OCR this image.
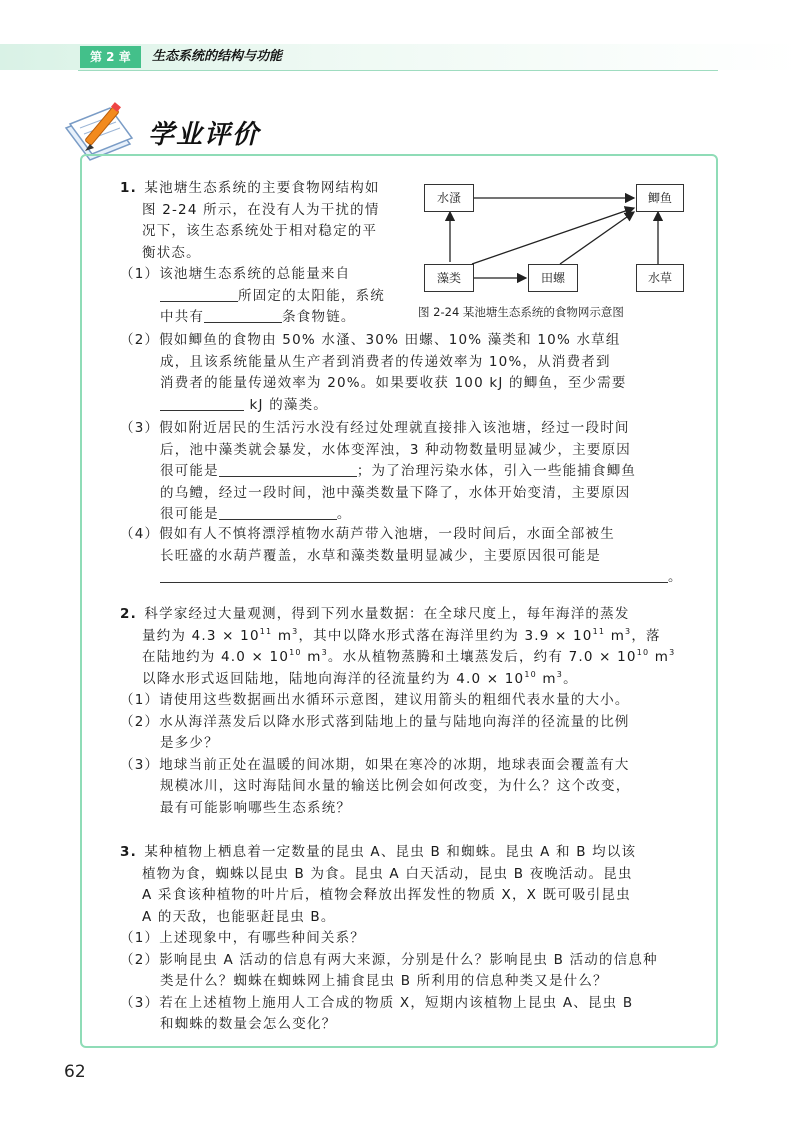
第 2 章	生态系统的结构与功能
学业评价
水溞	鲫鱼
藻类	田螺	水草
图 2-24 某池塘生态系统的食物网示意图
1. 某池塘生态系统的主要食物网结构如
图 2-24 所示，在没有人为干扰的情
况下，该生态系统处于相对稳定的平
衡状态。
（1）该池塘生态系统的总能量来自
所固定的太阳能，系统
中共有	条食物链。
（2）假如鲫鱼的食物由 50% 水溞、30% 田螺、10% 藻类和 10% 水草组
成，且该系统能量从生产者到消费者的传递效率为 10%，从消费者到
消费者的能量传递效率为 20%。如果要收获 100 kJ 的鲫鱼，至少需要
kJ 的藻类。
（3）假如附近居民的生活污水没有经过处理就直接排入该池塘，经过一段时间
后，池中藻类就会暴发，水体变浑浊，3 种动物数量明显减少，主要原因
很可能是	；为了治理污染水体，引入一些能捕食鲫鱼
的乌鳢，经过一段时间，池中藻类数量下降了，水体开始变清，主要原因
很可能是	。
（4）假如有人不慎将漂浮植物水葫芦带入池塘，一段时间后，水面全部被生
长旺盛的水葫芦覆盖，水草和藻类数量明显减少，主要原因很可能是
。
2. 科学家经过大量观测，得到下列水量数据：在全球尺度上，每年海洋的蒸发
量约为 $4.3 \times 10^{11}$ $m^3$，其中以降水形式落在海洋里约为 $3.9 \times 10^{11}$ $m^3$，落
在陆地约为 $4.0 \times 10^{10}$ $m^3$。水从植物蒸腾和土壤蒸发后，约有 $7.0 \times 10^{10}$ $m^3$
以降水形式返回陆地，陆地向海洋的径流量约为 $4.0 \times 10^{10}$ $m^3$。
（1）请使用这些数据画出水循环示意图，建议用箭头的粗细代表水量的大小。
（2）水从海洋蒸发后以降水形式落到陆地上的量与陆地向海洋的径流量的比例
是多少？
（3）地球当前正处在温暖的间冰期，如果在寒冷的冰期，地球表面会覆盖有大
规模冰川，这时海陆间水量的输送比例会如何改变，为什么？这个改变，
最有可能影响哪些生态系统？
3. 某种植物上栖息着一定数量的昆虫 A、昆虫 B 和蜘蛛。昆虫 A 和 B 均以该
植物为食，蜘蛛以昆虫 B 为食。昆虫 A 白天活动，昆虫 B 夜晚活动。昆虫
A 采食该种植物的叶片后，植物会释放出挥发性的物质 X，X 既可吸引昆虫
A 的天敌，也能驱赶昆虫 B。
（1）上述现象中，有哪些种间关系？
（2）影响昆虫 A 活动的信息有两大来源，分别是什么？影响昆虫 B 活动的信息种
类是什么？蜘蛛在蜘蛛网上捕食昆虫 B 所利用的信息种类又是什么？
（3）若在上述植物上施用人工合成的物质 X，短期内该植物上昆虫 A、昆虫 B
和蜘蛛的数量会怎么变化？
62
